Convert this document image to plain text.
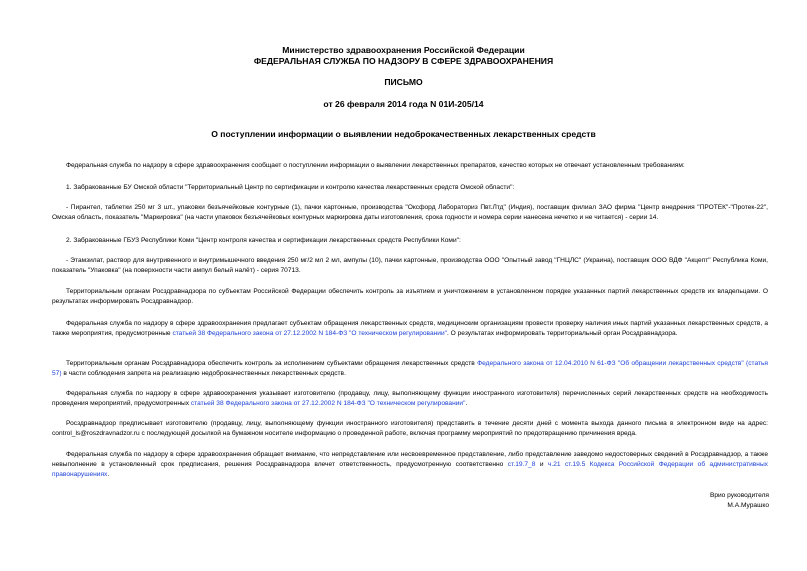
Министерство здравоохранения Российской Федерации
ФЕДЕРАЛЬНАЯ СЛУЖБА ПО НАДЗОРУ В СФЕРЕ ЗДРАВООХРАНЕНИЯ
ПИСЬМО
от 26 февраля 2014 года N 01И-205/14
О поступлении информации о выявлении недоброкачественных лекарственных средств

Федеральная служба по надзору в сфере здравоохранения сообщает о поступлении информации о выявлении лекарственных препаратов, качество которых не отвечает установленным требованиям:

1. Забракованные БУ Омской области "Территориальный Центр по сертификации и контролю качества лекарственных средств Омской области":

- Пирантел, таблетки 250 мг 3 шт., упаковки безъячейковые контурные (1), пачки картонные, производства "Оксфорд Лабораториз Пвт.Лтд" (Индия), поставщик филиал ЗАО фирма "Центр внедрения "ПРОТЕК"-"Протек-22", Омская область, показатель "Маркировка" (на части упаковок безъячейковых контурных маркировка даты изготовления, срока годности и номера серии нанесена нечетко и не читается) - серии 14.

2. Забракованные ГБУЗ Республики Коми "Центр контроля качества и сертификации лекарственных средств Республики Коми":

- Этамзилат, раствор для внутривенного и внутримышечного введения 250 мг/2 мл 2 мл, ампулы (10), пачки картонные, производства ООО "Опытный завод "ГНЦЛС" (Украина), поставщик ООО ВДФ "Акцепт" Республика Коми, показатель "Упаковка" (на поверхности части ампул белый налёт) - серия 70713.

Территориальным органам Росздравнадзора по субъектам Российской Федерации обеспечить контроль за изъятием и уничтожением в установленном порядке указанных партий лекарственных средств их владельцами. О результатах информировать Росздравнадзор.

Федеральная служба по надзору в сфере здравоохранения предлагает субъектам обращения лекарственных средств, медицинским организациям провести проверку наличия иных партий указанных лекарственных средств, а также мероприятия, предусмотренные статьей 38 Федерального закона от 27.12.2002 N 184-ФЗ "О техническом регулировании". О результатах информировать территориальный орган Росздравнадзора.

Территориальным органам Росздравнадзора обеспечить контроль за исполнением субъектами обращения лекарственных средств Федерального закона от 12.04.2010 N 61-ФЗ "Об обращении лекарственных средств" (статья 57) в части соблюдения запрета на реализацию недоброкачественных лекарственных средств.

Федеральная служба по надзору в сфере здравоохранения указывает изготовителю (продавцу, лицу, выполняющему функции иностранного изготовителя) перечисленных серий лекарственных средств на необходимость проведения мероприятий, предусмотренных статьей 38 Федерального закона от 27.12.2002 N 184-ФЗ "О техническом регулировании".

Росздравнадзор предписывает изготовителю (продавцу, лицу, выполняющему функции иностранного изготовителя) представить в течение десяти дней с момента выхода данного письма в электронном виде на адрес: control_ls@roszdravnadzor.ru с последующей досылкой на бумажном носителе информацию о проведенной работе, включая программу мероприятий по предотвращению причинения вреда.

Федеральная служба по надзору в сфере здравоохранения обращает внимание, что непредставление или несвоевременное представление, либо представление заведомо недостоверных сведений в Росздравнадзор, а также невыполнение в установленный срок предписания, решения Росздравнадзора влечет ответственность, предусмотренную соответственно ст.19.7_8 и ч.21 ст.19.5 Кодекса Российской Федерации об административных правонарушениях.

Врио руководителя
М.А.Мурашко
